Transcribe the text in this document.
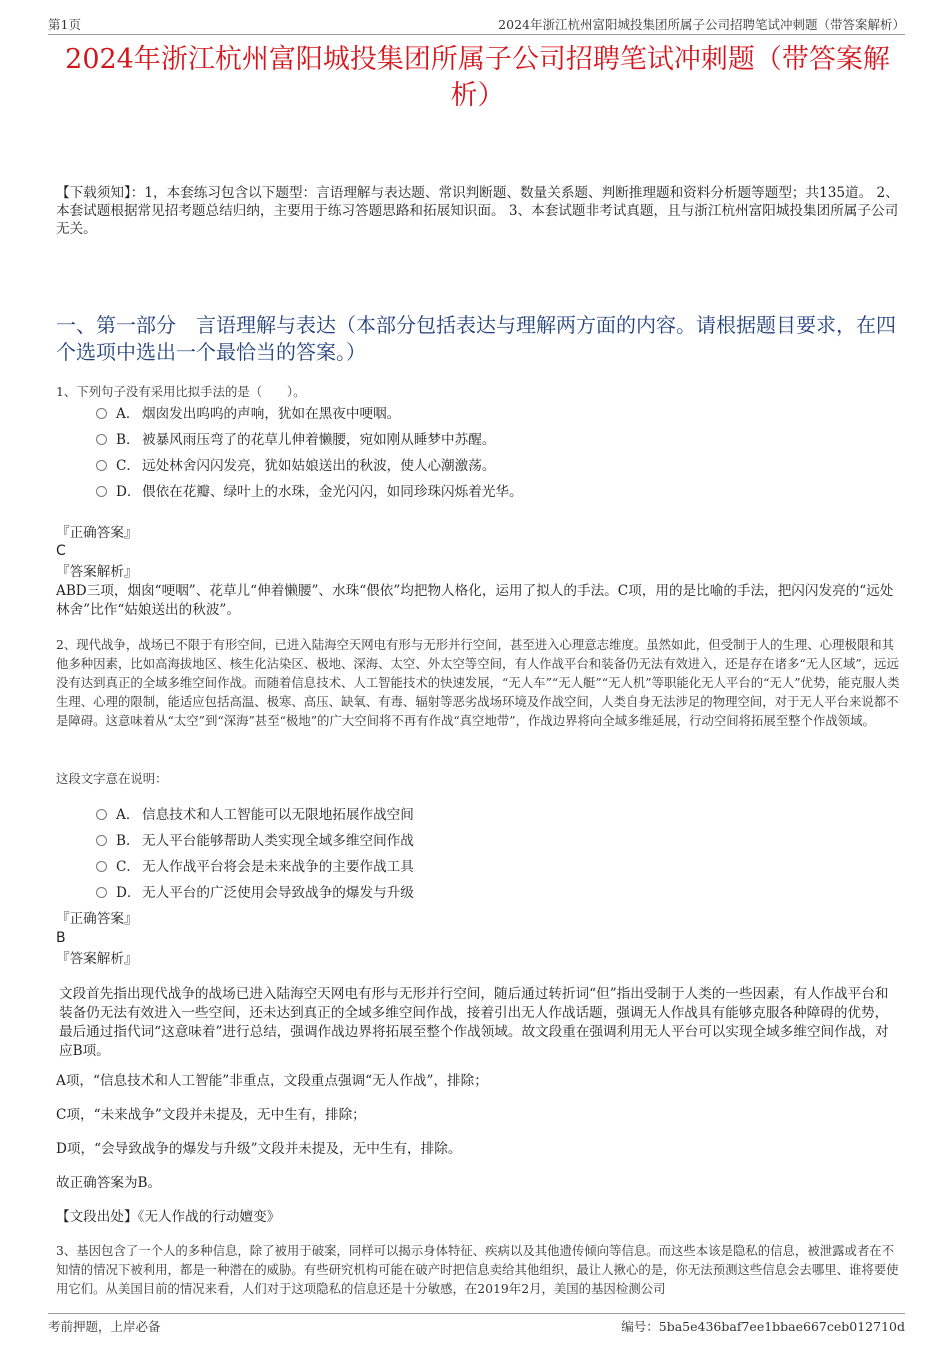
第1页	2024年浙江杭州富阳城投集团所属子公司招聘笔试冲刺题（带答案解析）
2024年浙江杭州富阳城投集团所属子公司招聘笔试冲刺题（带答案解析）
【下载须知】：1，本套练习包含以下题型：言语理解与表达题、常识判断题、数量关系题、判断推理题和资料分析题等题型；共135道。 2、本套试题根据常见招考题总结归纳，主要用于练习答题思路和拓展知识面。 3、本套试题非考试真题，且与浙江杭州富阳城投集团所属子公司无关。
一、第一部分　言语理解与表达（本部分包括表达与理解两方面的内容。请根据题目要求，在四个选项中选出一个最恰当的答案。）
1、下列句子没有采用比拟手法的是（　　）。
A． 烟囱发出呜呜的声响，犹如在黑夜中哽咽。
B． 被暴风雨压弯了的花草儿伸着懒腰，宛如刚从睡梦中苏醒。
C． 远处林舍闪闪发亮，犹如姑娘送出的秋波，使人心潮激荡。
D． 偎依在花瓣、绿叶上的水珠，金光闪闪，如同珍珠闪烁着光华。
『正确答案』
C
『答案解析』
ABD三项，烟囱“哽咽”、花草儿“伸着懒腰”、水珠“偎依”均把物人格化，运用了拟人的手法。C项，用的是比喻的手法，把闪闪发亮的“远处林舍”比作“姑娘送出的秋波”。
2、现代战争，战场已不限于有形空间，已进入陆海空天网电有形与无形并行空间，甚至进入心理意志维度。虽然如此，但受制于人的生理、心理极限和其他多种因素，比如高海拔地区、核生化沾染区、极地、深海、太空、外太空等空间，有人作战平台和装备仍无法有效进入，还是存在诸多“无人区域”，远远没有达到真正的全域多维空间作战。而随着信息技术、人工智能技术的快速发展，“无人车”“无人艇”“无人机”等职能化无人平台的“无人”优势，能克服人类生理、心理的限制，能适应包括高温、极寒、高压、缺氧、有毒、辐射等恶劣战场环境及作战空间，人类自身无法涉足的物理空间，对于无人平台来说都不是障碍。这意味着从“太空”到“深海”甚至“极地”的广大空间将不再有作战“真空地带”，作战边界将向全域多维延展，行动空间将拓展至整个作战领域。
这段文字意在说明：
A． 信息技术和人工智能可以无限地拓展作战空间
B． 无人平台能够帮助人类实现全域多维空间作战
C． 无人作战平台将会是未来战争的主要作战工具
D． 无人平台的广泛使用会导致战争的爆发与升级
『正确答案』
B
『答案解析』
文段首先指出现代战争的战场已进入陆海空天网电有形与无形并行空间，随后通过转折词“但”指出受制于人类的一些因素，有人作战平台和装备仍无法有效进入一些空间，还未达到真正的全域多维空间作战，接着引出无人作战话题，强调无人作战具有能够克服各种障碍的优势，最后通过指代词“这意味着”进行总结，强调作战边界将拓展至整个作战领域。故文段重在强调利用无人平台可以实现全域多维空间作战，对应B项。
A项，“信息技术和人工智能”非重点，文段重点强调“无人作战”，排除；
C项，“未来战争”文段并未提及，无中生有，排除；
D项，“会导致战争的爆发与升级”文段并未提及，无中生有，排除。
故正确答案为B。
【文段出处】《无人作战的行动嬗变》
3、基因包含了一个人的多种信息，除了被用于破案，同样可以揭示身体特征、疾病以及其他遗传倾向等信息。而这些本该是隐私的信息，被泄露或者在不知情的情况下被利用，都是一种潜在的威胁。有些研究机构可能在破产时把信息卖给其他组织，最让人揪心的是，你无法预测这些信息会去哪里、谁将要使用它们。从美国目前的情况来看，人们对于这项隐私的信息还是十分敏感，在2019年2月，美国的基因检测公司
考前押题，上岸必备	编号：5ba5e436baf7ee1bbae667ceb012710d
